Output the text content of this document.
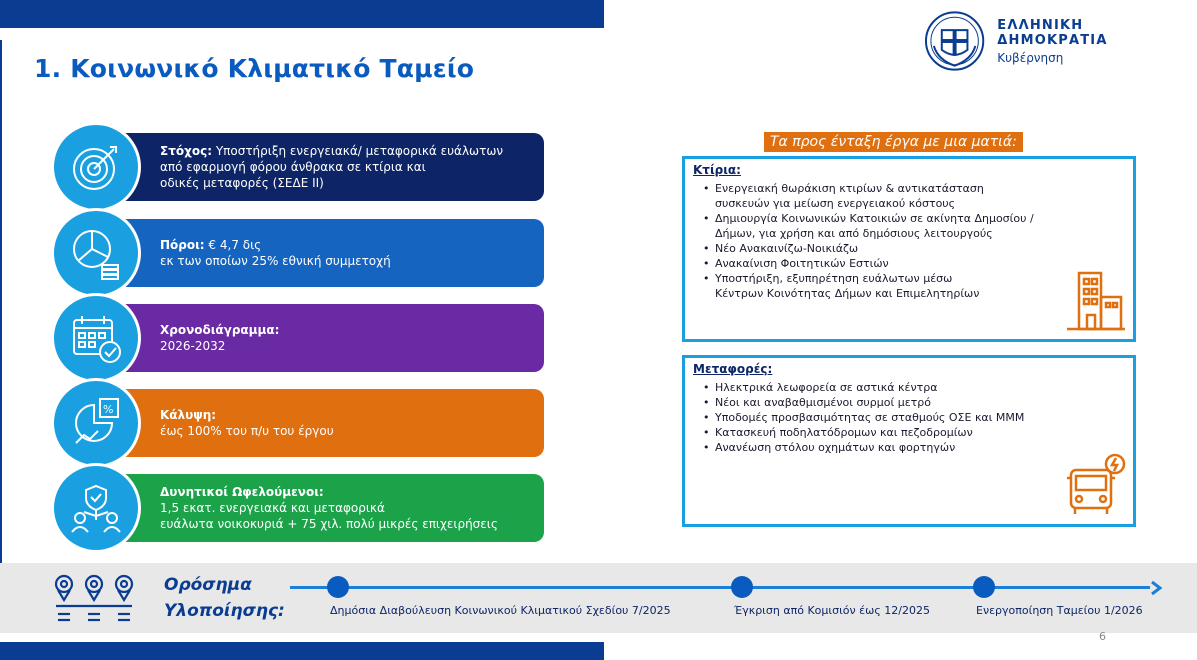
ΕΛΛΗΝΙΚΗ ΔΗΜΟΚΡΑΤΙΑ
Κυβέρνηση
1. Κοινωνικό Κλιματικό Ταμείο
Στόχος: Υποστήριξη ενεργειακά/ μεταφορικά ευάλωτων
από εφαρμογή φόρου άνθρακα σε κτίρια και
οδικές μεταφορές (ΣΕΔΕ ΙΙ)
Πόροι: € 4,7 δις
εκ των οποίων 25% εθνική συμμετοχή
Χρονοδιάγραμμα:
2026-2032
Κάλυψη:
έως 100% του π/υ του έργου
%
Δυνητικοί Ωφελούμενοι:
1,5 εκατ. ενεργειακά και μεταφορικά
ευάλωτα νοικοκυριά + 75 χιλ. πολύ μικρές επιχειρήσεις
Τα προς ένταξη έργα με μια ματιά:
Κτίρια:
• Ενεργειακή θωράκιση κτιρίων & αντικατάσταση
συσκευών για μείωση ενεργειακού κόστους
• Δημιουργία Κοινωνικών Κατοικιών σε ακίνητα Δημοσίου /
Δήμων, για χρήση και από δημόσιους λειτουργούς
• Νέο Ανακαινίζω-Νοικιάζω
• Ανακαίνιση Φοιτητικών Εστιών
• Υποστήριξη, εξυπηρέτηση ευάλωτων μέσω
Κέντρων Κοινότητας Δήμων και Επιμελητηρίων
Μεταφορές:
• Ηλεκτρικά λεωφορεία σε αστικά κέντρα
• Νέοι και αναβαθμισμένοι συρμοί μετρό
• Υποδομές προσβασιμότητας σε σταθμούς ΟΣΕ και ΜΜΜ
• Κατασκευή ποδηλατόδρομων και πεζοδρομίων
• Ανανέωση στόλου οχημάτων και φορτηγών
Ορόσημα
Υλοποίησης:	Δημόσια Διαβούλευση Κοινωνικού Κλιματικού Σχεδίου 7/2025	Έγκριση από Κομισιόν έως 12/2025	Ενεργοποίηση Ταμείου 1/2026
6
